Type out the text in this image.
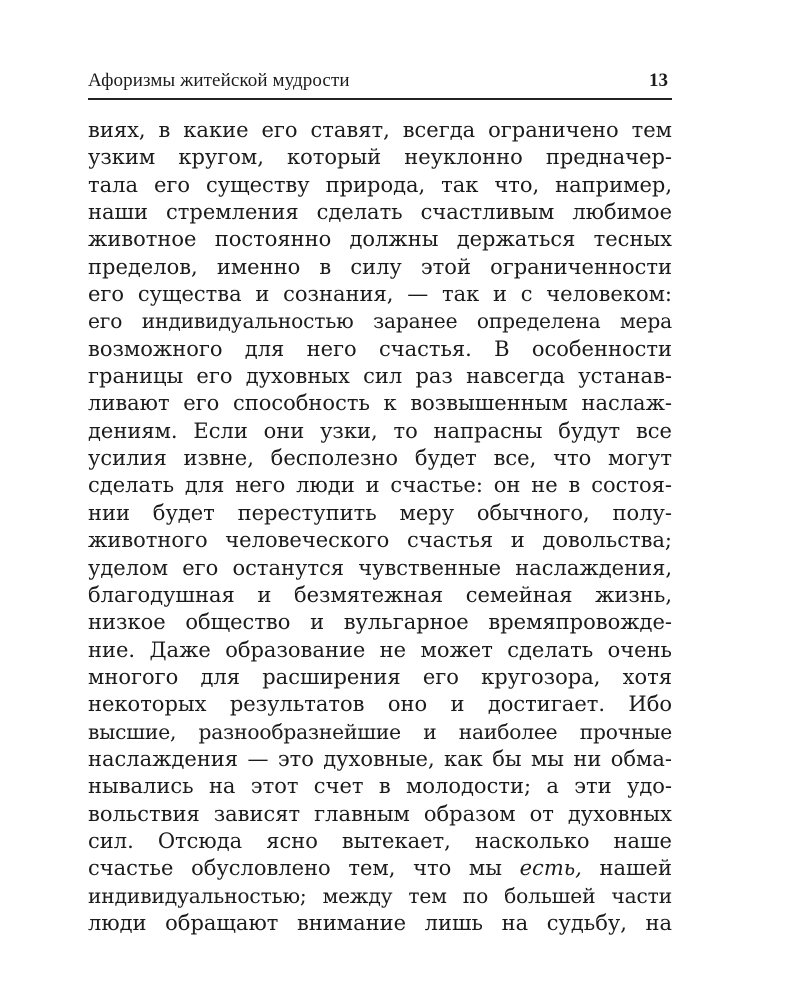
Афоризмы житейской мудрости	13
виях, в какие его ставят, всегда ограничено тем
узким кругом, который неуклонно предначер-
тала его существу природа, так что, например,
наши стремления сделать счастливым любимое
животное постоянно должны держаться тесных
пределов, именно в силу этой ограниченности
его существа и сознания, — так и с человеком:
его индивидуальностью заранее определена мера
возможного для него счастья. В особенности
границы его духовных сил раз навсегда устанав-
ливают его способность к возвышенным наслаж-
дениям. Если они узки, то напрасны будут все
усилия извне, бесполезно будет все, что могут
сделать для него люди и счастье: он не в состоя-
нии будет переступить меру обычного, полу-
животного человеческого счастья и довольства;
уделом его останутся чувственные наслаждения,
благодушная и безмятежная семейная жизнь,
низкое общество и вульгарное времяпровожде-
ние. Даже образование не может сделать очень
многого для расширения его кругозора, хотя
некоторых результатов оно и достигает. Ибо
высшие, разнообразнейшие и наиболее прочные
наслаждения — это духовные, как бы мы ни обма-
нывались на этот счет в молодости; а эти удо-
вольствия зависят главным образом от духовных
сил. Отсюда ясно вытекает, насколько наше
счастье обусловлено тем, что мы есть, нашей
индивидуальностью; между тем по большей части
люди обращают внимание лишь на судьбу, на
